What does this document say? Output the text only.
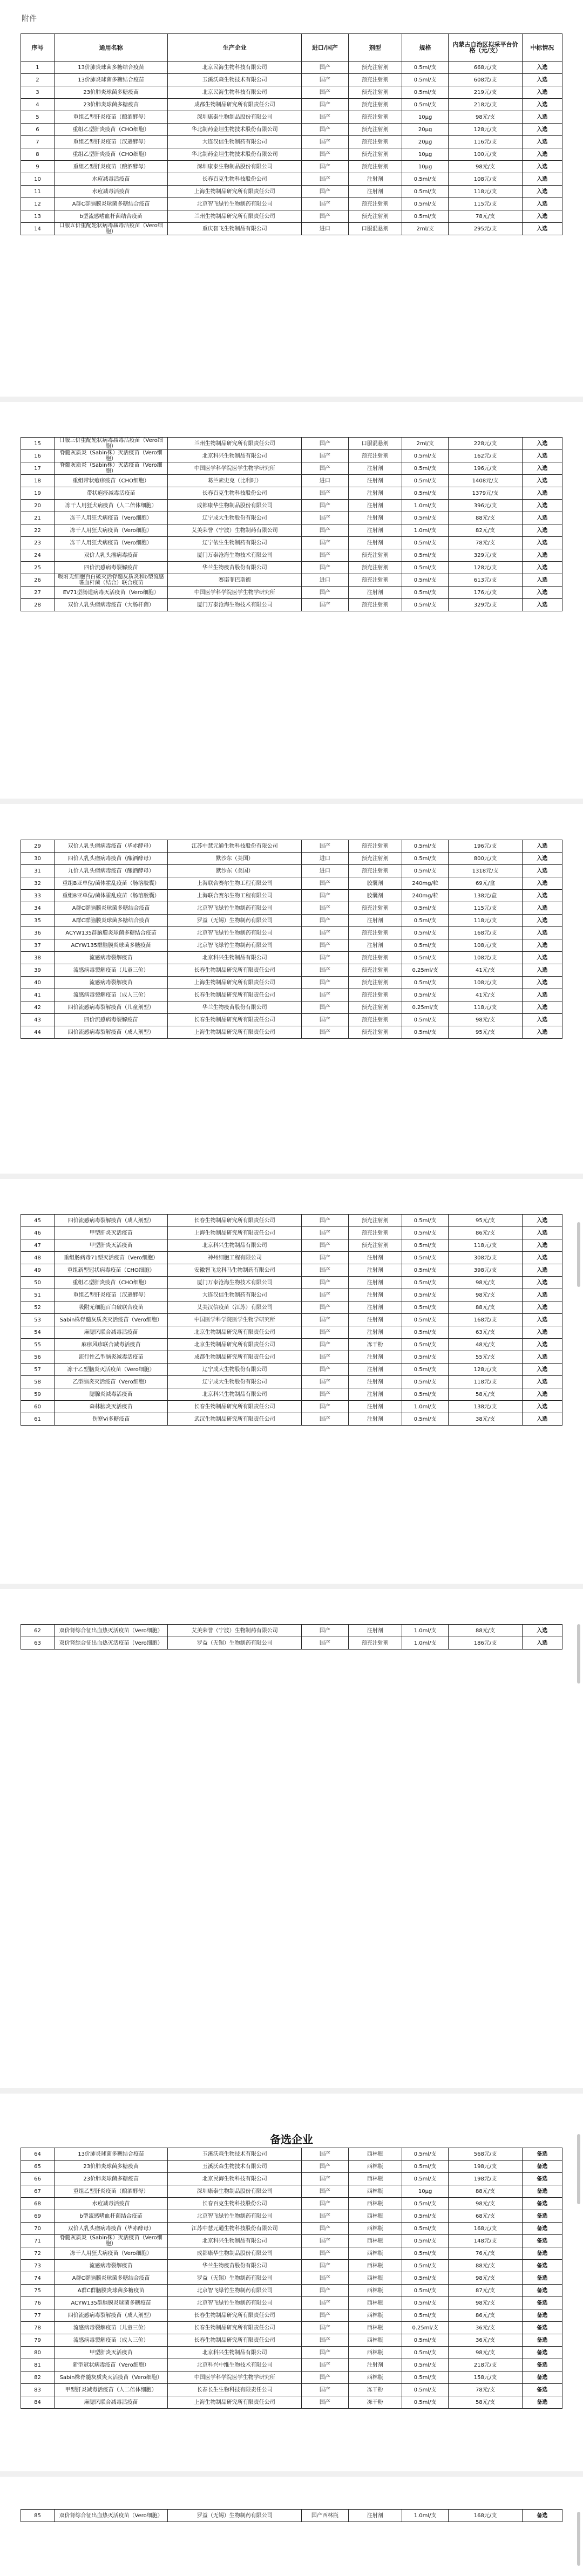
附件
序号	通用名称	生产企业	进口/国产	剂型	规格	内蒙古自治区拟采平台价格（元/支）	中标情况
1	13价肺炎球菌多糖结合疫苗	北京民海生物科技有限公司	国产	预充注射剂	0.5ml/支	668元/支	入选
2	13价肺炎球菌多糖结合疫苗	玉溪沃森生物技术有限公司	国产	预充注射剂	0.5ml/支	608元/支	入选
3	23价肺炎球菌多糖疫苗	北京民海生物科技有限公司	国产	预充注射剂	0.5ml/支	219元/支	入选
4	23价肺炎球菌多糖疫苗	成都生物制品研究所有限责任公司	国产	预充注射剂	0.5ml/支	218元/支	入选
5	重组乙型肝炎疫苗（酿酒酵母）	深圳康泰生物制品股份有限公司	国产	预充注射剂	10μg	98元/支	入选
6	重组乙型肝炎疫苗（CHO细胞）	华北制药金坦生物技术股份有限公司	国产	预充注射剂	20μg	128元/支	入选
7	重组乙型肝炎疫苗（汉逊酵母）	大连汉信生物制药有限公司	国产	预充注射剂	20μg	116元/支	入选
8	重组乙型肝炎疫苗（CHO细胞）	华北制药金坦生物技术股份有限公司	国产	预充注射剂	10μg	100元/支	入选
9	重组乙型肝炎疫苗（酿酒酵母）	深圳康泰生物制品股份有限公司	国产	预充注射剂	10μg	98元/支	入选
10	水痘减毒活疫苗	长春百克生物科技股份公司	国产	注射剂	0.5ml/支	108元/支	入选
11	水痘减毒活疫苗	上海生物制品研究所有限责任公司	国产	注射剂	0.5ml/支	118元/支	入选
12	A群C群脑膜炎球菌多糖结合疫苗	北京智飞绿竹生物制药有限公司	国产	预充注射剂	0.5ml/支	115元/支	入选
13	b型流感嗜血杆菌结合疫苗	兰州生物制品研究所有限责任公司	国产	预充注射剂	0.5ml/支	78元/支	入选
14	口服五价重配轮状病毒减毒活疫苗（Vero细胞）	重庆智飞生物制品有限公司	进口	口服混悬剂	2ml/支	295元/支	入选
15	口服三价重配轮状病毒减毒活疫苗（Vero细胞）	兰州生物制品研究所有限责任公司	国产	口服混悬剂	2ml/支	228元/支	入选
16	脊髓灰质炎（Sabin株）灭活疫苗（Vero细胞）	北京科兴生物制品有限公司	国产	预充注射剂	0.5ml/支	162元/支	入选
17	脊髓灰质炎（Sabin株）灭活疫苗（Vero细胞）	中国医学科学院医学生物学研究所	国产	注射剂	0.5ml/支	196元/支	入选
18	重组带状疱疹疫苗（CHO细胞）	葛兰素史克（比利时）	进口	注射剂	0.5ml/支	1408元/支	入选
19	带状疱疹减毒活疫苗	长春百克生物科技股份公司	国产	注射剂	0.5ml/支	1379元/支	入选
20	冻干人用狂犬病疫苗（人二倍体细胞）	成都康华生物制品股份有限公司	国产	注射剂	1.0ml/支	396元/支	入选
21	冻干人用狂犬病疫苗（Vero细胞）	辽宁成大生物股份有限公司	国产	注射剂	0.5ml/支	88元/支	入选
22	冻干人用狂犬病疫苗（Vero细胞）	艾美荣誉（宁波）生物制药有限公司	国产	注射剂	1.0ml/支	82元/支	入选
23	冻干人用狂犬病疫苗（Vero细胞）	辽宁依生生物制药有限公司	国产	注射剂	0.5ml/支	78元/支	入选
24	双价人乳头瘤病毒疫苗	厦门万泰沧海生物技术有限公司	国产	预充注射剂	0.5ml/支	329元/支	入选
25	四价流感病毒裂解疫苗	华兰生物疫苗股份有限公司	国产	预充注射剂	0.5ml/支	128元/支	入选
26	吸附无细胞百白破灭活脊髓灰质炎和b型流感嗜血杆菌（结合）联合疫苗	赛诺菲巴斯德	进口	预充注射剂	0.5ml/支	613元/支	入选
27	EV71型肠道病毒灭活疫苗（Vero细胞）	中国医学科学院医学生物学研究所	国产	注射剂	0.5ml/支	176元/支	入选
28	双价人乳头瘤病毒疫苗（大肠杆菌）	厦门万泰沧海生物技术有限公司	国产	预充注射剂	0.5ml/支	329元/支	入选
29	双价人乳头瘤病毒疫苗（毕赤酵母）	江苏中慧元通生物科技股份有限公司	国产	预充注射剂	0.5ml/支	196元/支	入选
30	四价人乳头瘤病毒疫苗（酿酒酵母）	默沙东（美国）	进口	预充注射剂	0.5ml/支	800元/支	入选
31	九价人乳头瘤病毒疫苗（酿酒酵母）	默沙东（美国）	进口	预充注射剂	0.5ml/支	1318元/支	入选
32	重组B亚单位/菌体霍乱疫苗（肠溶胶囊）	上海联合赛尔生物工程有限公司	国产	胶囊剂	240mg/粒	69元/盒	入选
33	重组B亚单位/菌体霍乱疫苗（肠溶胶囊）	上海联合赛尔生物工程有限公司	国产	胶囊剂	240mg/粒	138元/盒	入选
34	A群C群脑膜炎球菌多糖结合疫苗	北京智飞绿竹生物制药有限公司	国产	预充注射剂	0.5ml/支	115元/支	入选
35	A群C群脑膜炎球菌多糖结合疫苗	罗益（无锡）生物制药有限公司	国产	注射剂	0.5ml/支	118元/支	入选
36	ACYW135群脑膜炎球菌多糖结合疫苗	北京智飞绿竹生物制药有限公司	国产	预充注射剂	0.5ml/支	168元/支	入选
37	ACYW135群脑膜炎球菌多糖疫苗	北京智飞绿竹生物制药有限公司	国产	注射剂	0.5ml/支	108元/支	入选
38	流感病毒裂解疫苗	北京科兴生物制品有限公司	国产	预充注射剂	0.5ml/支	108元/支	入选
39	流感病毒裂解疫苗（儿童三价）	长春生物制品研究所有限责任公司	国产	预充注射剂	0.25ml/支	41元/支	入选
40	流感病毒裂解疫苗	上海生物制品研究所有限责任公司	国产	预充注射剂	0.5ml/支	108元/支	入选
41	流感病毒裂解疫苗（成人三价）	长春生物制品研究所有限责任公司	国产	预充注射剂	0.5ml/支	41元/支	入选
42	四价流感病毒裂解疫苗（儿童剂型）	华兰生物疫苗股份有限公司	国产	预充注射剂	0.25ml/支	118元/支	入选
43	四价流感病毒裂解疫苗	长春生物制品研究所有限责任公司	国产	预充注射剂	0.5ml/支	98元/支	入选
44	四价流感病毒裂解疫苗（成人剂型）	上海生物制品研究所有限责任公司	国产	预充注射剂	0.5ml/支	95元/支	入选
45	四价流感病毒裂解疫苗（成人剂型）	长春生物制品研究所有限责任公司	国产	预充注射剂	0.5ml/支	95元/支	入选
46	甲型肝炎灭活疫苗	上海生物制品研究所有限责任公司	国产	预充注射剂	0.5ml/支	86元/支	入选
47	甲型肝炎灭活疫苗	北京科兴生物制品有限公司	国产	预充注射剂	0.5ml/支	118元/支	入选
48	重组肠病毒71型灭活疫苗（Vero细胞）	神州细胞工程有限公司	国产	注射剂	0.5ml/支	308元/支	入选
49	重组新型冠状病毒疫苗（CHO细胞）	安徽智飞龙科马生物制药有限公司	国产	注射剂	0.5ml/支	398元/支	入选
50	重组乙型肝炎疫苗（CHO细胞）	厦门万泰沧海生物技术有限公司	国产	注射剂	0.5ml/支	98元/支	入选
51	重组乙型肝炎疫苗（汉逊酵母）	大连汉信生物制药有限公司	国产	注射剂	0.5ml/支	98元/支	入选
52	吸附无细胞百白破联合疫苗	艾美汉信疫苗（江苏）有限公司	国产	注射剂	0.5ml/支	88元/支	入选
53	Sabin株脊髓灰质炎灭活疫苗（Vero细胞）	中国医学科学院医学生物学研究所	国产	注射剂	0.5ml/支	168元/支	入选
54	麻腮风联合减毒活疫苗	北京生物制品研究所有限责任公司	国产	注射剂	0.5ml/支	63元/支	入选
55	麻疹风疹联合减毒活疫苗	北京生物制品研究所有限责任公司	国产	冻干粉	0.5ml/支	48元/支	入选
56	流行性乙型脑炎减毒活疫苗	成都生物制品研究所有限责任公司	国产	注射剂	0.5ml/支	55元/支	入选
57	冻干乙型脑炎灭活疫苗（Vero细胞）	辽宁成大生物股份有限公司	国产	注射剂	0.5ml/支	128元/支	入选
58	乙型脑炎灭活疫苗（Vero细胞）	辽宁成大生物股份有限公司	国产	注射剂	0.5ml/支	118元/支	入选
59	腮腺炎减毒活疫苗	北京科兴生物制品有限公司	国产	注射剂	0.5ml/支	58元/支	入选
60	森林脑炎灭活疫苗	长春生物制品研究所有限责任公司	国产	注射剂	1.0ml/支	138元/支	入选
61	伤寒Vi多糖疫苗	武汉生物制品研究所有限责任公司	国产	注射剂	0.5ml/支	38元/支	入选
62	双价肾综合征出血热灭活疫苗（Vero细胞）	艾美荣誉（宁波）生物制药有限公司	国产	注射剂	1.0ml/支	88元/支	入选
63	双价肾综合征出血热灭活疫苗（Vero细胞）	罗益（无锡）生物制药有限公司	国产	预充注射剂	1.0ml/支	186元/支	入选
备选企业
64	13价肺炎球菌多糖结合疫苗	玉溪沃森生物技术有限公司	国产	西林瓶	0.5ml/支	568元/支	备选
65	23价肺炎球菌多糖疫苗	玉溪沃森生物技术有限公司	国产	西林瓶	0.5ml/支	198元/支	备选
66	23价肺炎球菌多糖疫苗	北京民海生物科技有限公司	国产	西林瓶	0.5ml/支	198元/支	备选
67	重组乙型肝炎疫苗（酿酒酵母）	深圳康泰生物制品股份有限公司	国产	西林瓶	10μg	88元/支	备选
68	水痘减毒活疫苗	长春百克生物科技股份公司	国产	西林瓶	0.5ml/支	98元/支	备选
69	b型流感嗜血杆菌结合疫苗	北京智飞绿竹生物制药有限公司	国产	西林瓶	0.5ml/支	68元/支	备选
70	双价人乳头瘤病毒疫苗（毕赤酵母）	江苏中慧元通生物科技股份有限公司	国产	西林瓶	0.5ml/支	168元/支	备选
71	脊髓灰质炎（Sabin株）灭活疫苗（Vero细胞）	北京科兴生物制品有限公司	国产	西林瓶	0.5ml/支	148元/支	备选
72	冻干人用狂犬病疫苗（Vero细胞）	成都康华生物制品股份有限公司	国产	西林瓶	0.5ml/支	76元/支	备选
73	流感病毒裂解疫苗	华兰生物疫苗股份有限公司	国产	西林瓶	0.5ml/支	88元/支	备选
74	A群C群脑膜炎球菌多糖结合疫苗	罗益（无锡）生物制药有限公司	国产	西林瓶	0.5ml/支	98元/支	备选
75	A群C群脑膜炎球菌多糖疫苗	北京智飞绿竹生物制药有限公司	国产	西林瓶	0.5ml/支	87元/支	备选
76	ACYW135群脑膜炎球菌多糖疫苗	北京智飞绿竹生物制药有限公司	国产	西林瓶	0.5ml/支	98元/支	备选
77	四价流感病毒裂解疫苗（成人剂型）	长春生物制品研究所有限责任公司	国产	西林瓶	0.5ml/支	86元/支	备选
78	流感病毒裂解疫苗（儿童三价）	长春生物制品研究所有限责任公司	国产	西林瓶	0.25ml/支	36元/支	备选
79	流感病毒裂解疫苗（成人三价）	长春生物制品研究所有限责任公司	国产	西林瓶	0.5ml/支	36元/支	备选
80	甲型肝炎灭活疫苗	北京科兴生物制品有限公司	国产	西林瓶	0.5ml/支	98元/支	备选
81	新型冠状病毒疫苗（Vero细胞）	北京科兴中维生物技术有限公司	国产	注射剂	0.5ml/支	218元/支	备选
82	Sabin株脊髓灰质炎灭活疫苗（Vero细胞）	中国医学科学院医学生物学研究所	国产	西林瓶	0.5ml/支	158元/支	备选
83	甲型肝炎减毒活疫苗（人二倍体细胞）	长春长生生物科技有限责任公司	国产	冻干粉	0.5ml/支	78元/支	备选
84	麻腮风联合减毒活疫苗	上海生物制品研究所有限责任公司	国产	冻干粉	0.5ml/支	58元/支	备选
85	双价肾综合征出血热灭活疫苗（Vero细胞）	罗益（无锡）生物制药有限公司	国产西林瓶	注射剂	1.0ml/支	168元/支	备选
